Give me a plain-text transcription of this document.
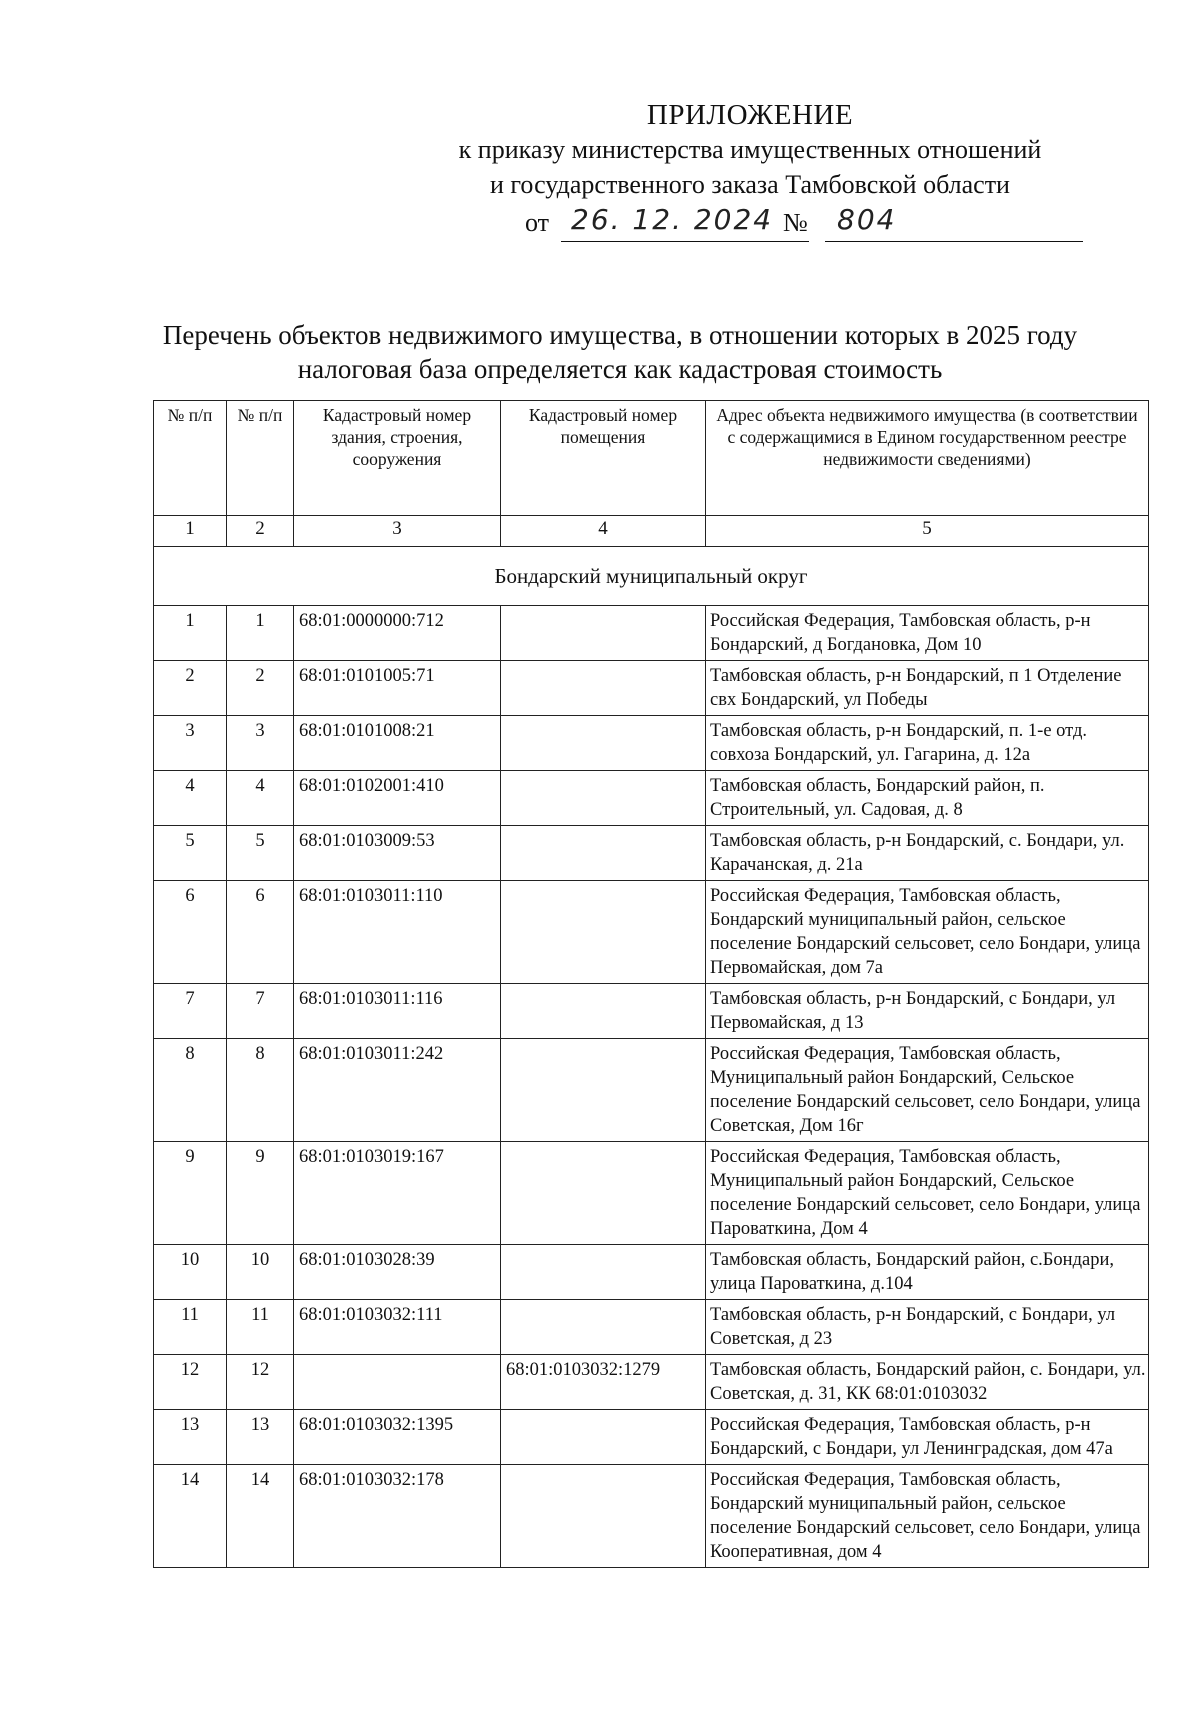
ПРИЛОЖЕНИЕ
к приказу министерства имущественных отношений
и государственного заказа Тамбовской области
от 26. 12. 2024 № 804
Перечень объектов недвижимого имущества, в отношении которых в 2025 году
налоговая база определяется как кадастровая стоимость
№ п/п	№ п/п	Кадастровый номер здания, строения, сооружения	Кадастровый номер помещения	Адрес объекта недвижимого имущества (в соответствии с содержащимися в Едином государственном реестре недвижимости сведениями)
1	2	3	4	5
Бондарский муниципальный округ				
1	1	68:01:0000000:712		Российская Федерация, Тамбовская область, р-н Бондарский, д Богдановка, Дом 10
2	2	68:01:0101005:71		Тамбовская область, р-н Бондарский, п 1 Отделение свх Бондарский, ул Победы
3	3	68:01:0101008:21		Тамбовская область, р-н Бондарский, п. 1-е отд. совхоза Бондарский, ул. Гагарина, д. 12а
4	4	68:01:0102001:410		Тамбовская область, Бондарский район, п. Строительный, ул. Садовая, д. 8
5	5	68:01:0103009:53		Тамбовская область, р-н Бондарский, с. Бондари, ул. Карачанская, д. 21а
6	6	68:01:0103011:110		Российская Федерация, Тамбовская область, Бондарский муниципальный район, сельское поселение Бондарский сельсовет, село Бондари, улица Первомайская, дом 7а
7	7	68:01:0103011:116		Тамбовская область, р-н Бондарский, с Бондари, ул Первомайская, д 13
8	8	68:01:0103011:242		Российская Федерация, Тамбовская область, Муниципальный район Бондарский, Сельское поселение Бондарский сельсовет, село Бондари, улица Советская, Дом 16г
9	9	68:01:0103019:167		Российская Федерация, Тамбовская область, Муниципальный район Бондарский, Сельское поселение Бондарский сельсовет, село Бондари, улица Пароваткина, Дом 4
10	10	68:01:0103028:39		Тамбовская область, Бондарский район, с.Бондари, улица Пароваткина, д.104
11	11	68:01:0103032:111		Тамбовская область, р-н Бондарский, с Бондари, ул Советская, д 23
12	12		68:01:0103032:1279	Тамбовская область, Бондарский район, с. Бондари, ул. Советская, д. 31, КК 68:01:0103032
13	13	68:01:0103032:1395		Российская Федерация, Тамбовская область, р-н Бондарский, с Бондари, ул Ленинградская, дом 47а
14	14	68:01:0103032:178		Российская Федерация, Тамбовская область, Бондарский муниципальный район, сельское поселение Бондарский сельсовет, село Бондари, улица Кооперативная, дом 4
